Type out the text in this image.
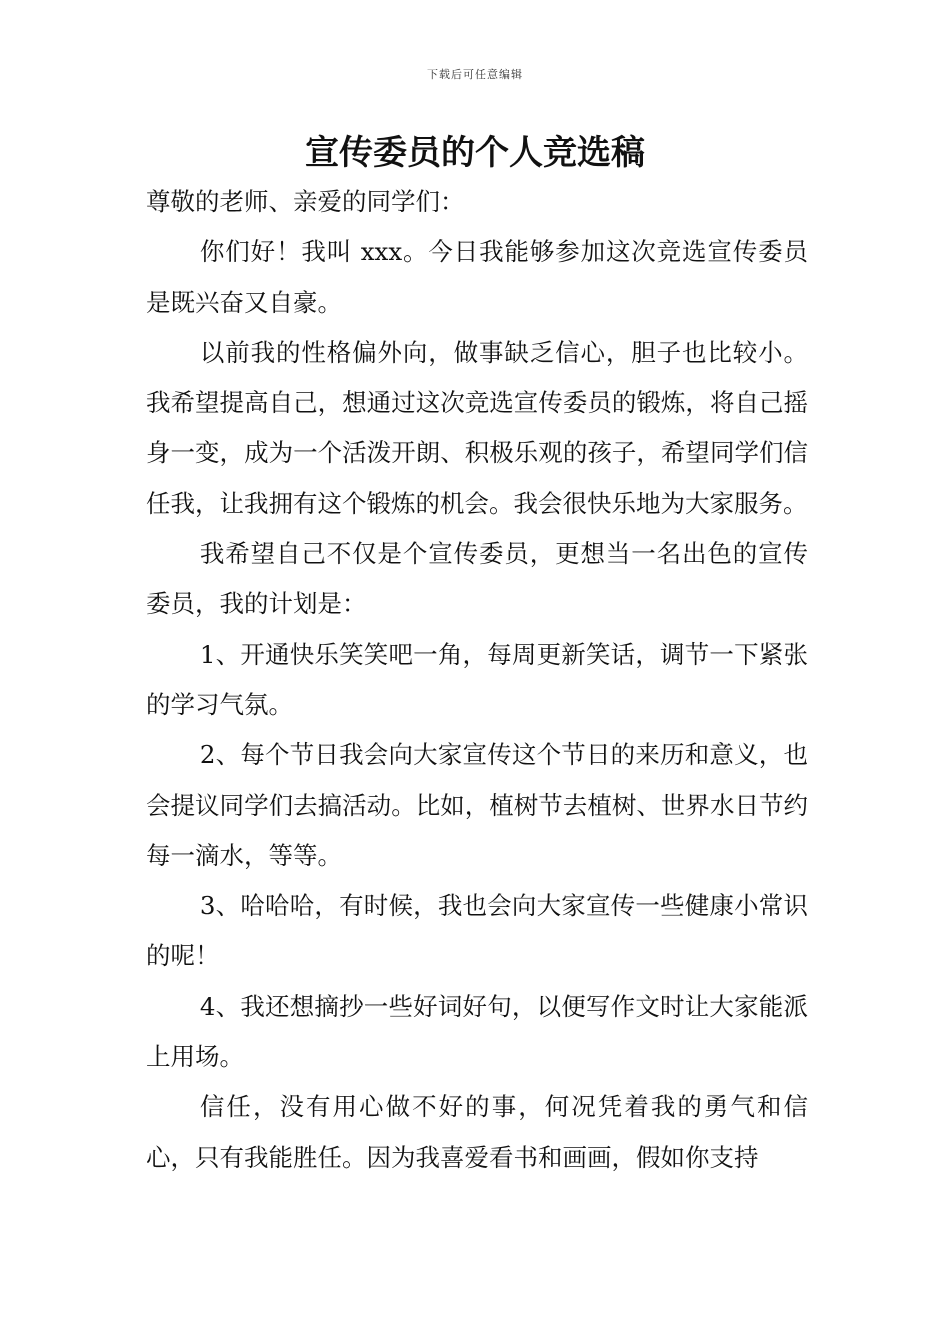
下载后可任意编辑
宣传委员的个人竞选稿

尊敬的老师、亲爱的同学们：

你们好！我叫 xxx。今日我能够参加这次竞选宣传委员是既兴奋又自豪。

以前我的性格偏外向，做事缺乏信心，胆子也比较小。我希望提高自己，想通过这次竞选宣传委员的锻炼，将自己摇身一变，成为一个活泼开朗、积极乐观的孩子，希望同学们信任我，让我拥有这个锻炼的机会。我会很快乐地为大家服务。

我希望自己不仅是个宣传委员，更想当一名出色的宣传委员，我的计划是：

1、开通快乐笑笑吧一角，每周更新笑话，调节一下紧张的学习气氛。

2、每个节日我会向大家宣传这个节日的来历和意义，也会提议同学们去搞活动。比如，植树节去植树、世界水日节约每一滴水，等等。

3、哈哈哈，有时候，我也会向大家宣传一些健康小常识的呢！

4、我还想摘抄一些好词好句，以便写作文时让大家能派上用场。

信任，没有用心做不好的事，何况凭着我的勇气和信心，只有我能胜任。因为我喜爱看书和画画，假如你支持
